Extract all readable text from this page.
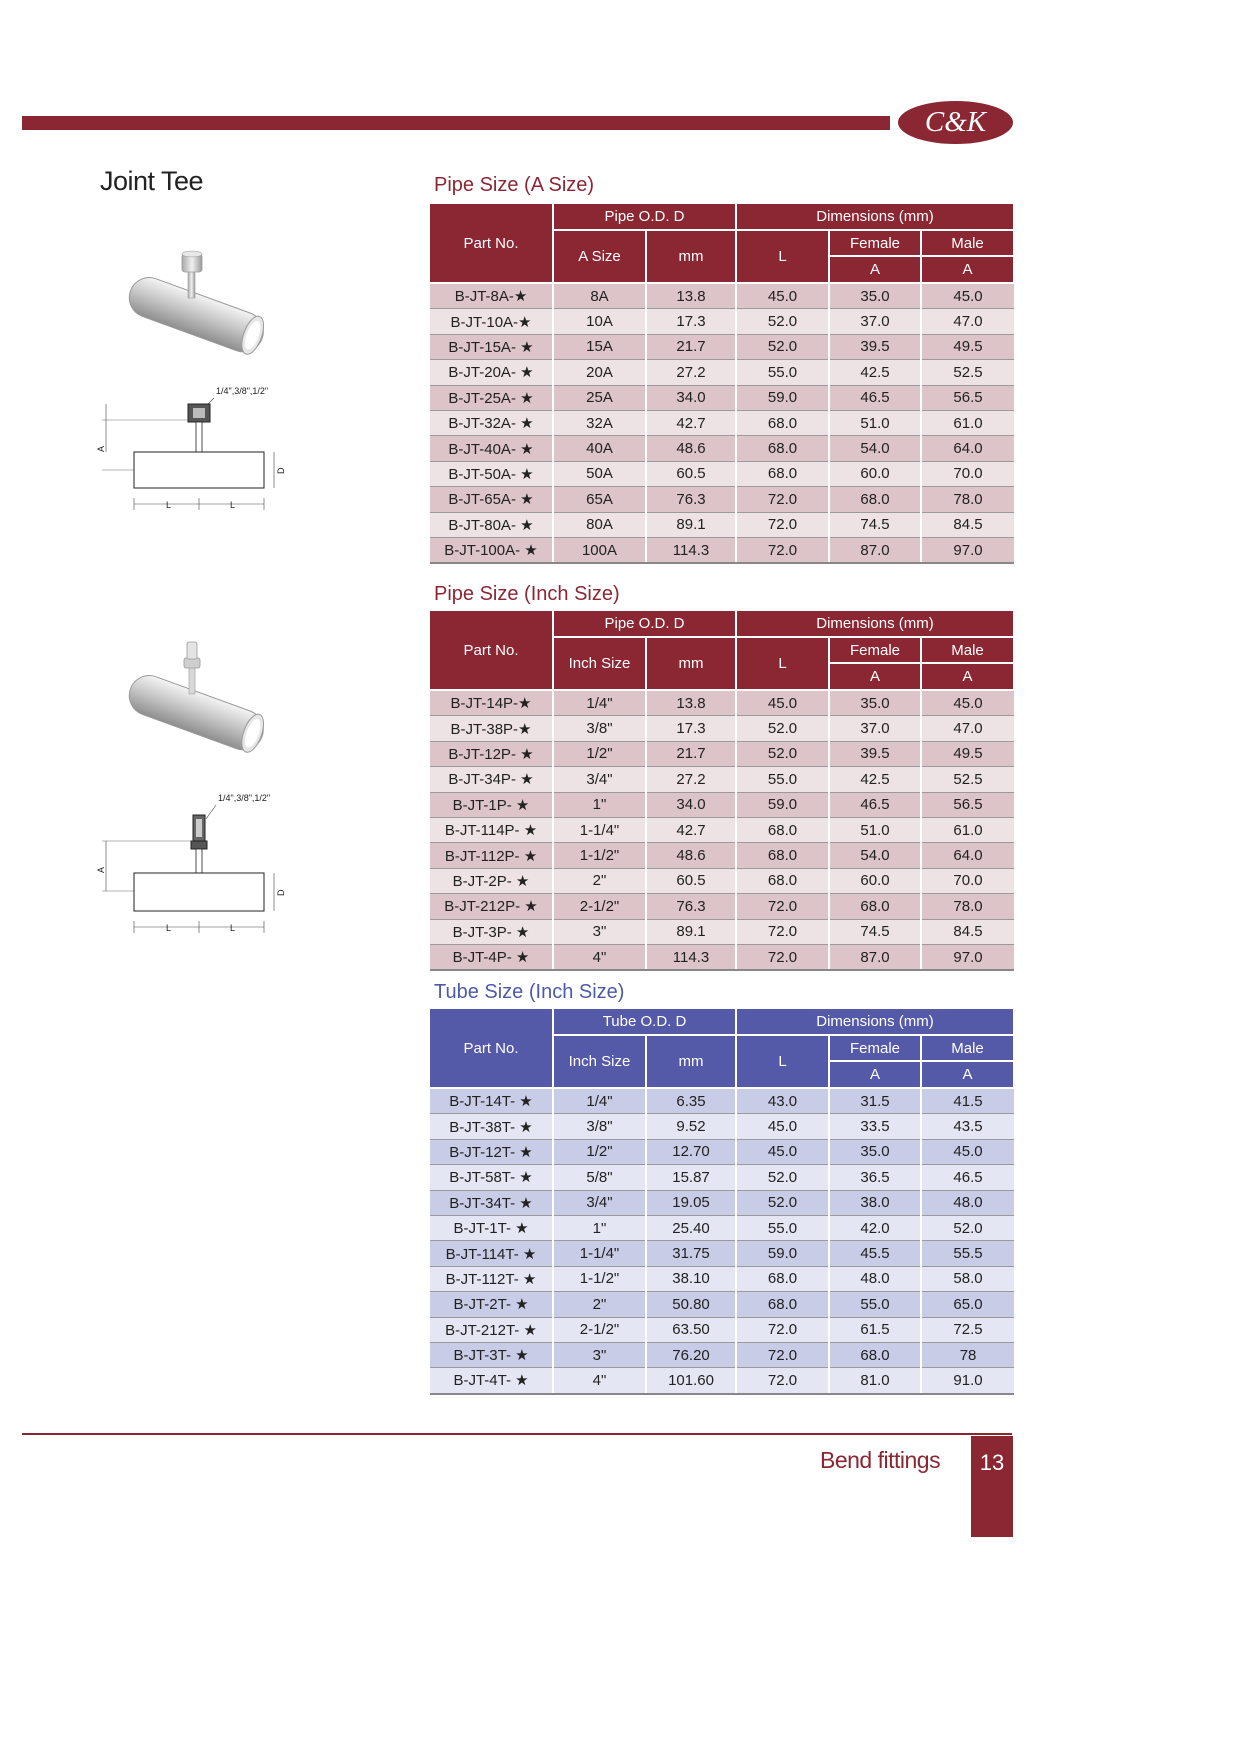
C&K
Joint Tee	Pipe Size (A Size)
Pipe Size (Inch Size)
Tube Size (Inch Size)
Part No.	Pipe O.D. D		Dimensions (mm)		
	A Size	mm	L	Female	Male
				A	A
B-JT-8A-★	8A	13.8	45.0	35.0	45.0
B-JT-10A-★	10A	17.3	52.0	37.0	47.0
B-JT-15A- ★	15A	21.7	52.0	39.5	49.5
B-JT-20A- ★	20A	27.2	55.0	42.5	52.5
B-JT-25A- ★	25A	34.0	59.0	46.5	56.5
B-JT-32A- ★	32A	42.7	68.0	51.0	61.0
B-JT-40A- ★	40A	48.6	68.0	54.0	64.0
B-JT-50A- ★	50A	60.5	68.0	60.0	70.0
B-JT-65A- ★	65A	76.3	72.0	68.0	78.0
B-JT-80A- ★	80A	89.1	72.0	74.5	84.5
B-JT-100A- ★	100A	114.3	72.0	87.0	97.0
Part No.	Pipe O.D. D		Dimensions (mm)		
	Inch Size	mm	L	Female	Male
				A	A
B-JT-14P-★	1/4"	13.8	45.0	35.0	45.0
B-JT-38P-★	3/8"	17.3	52.0	37.0	47.0
B-JT-12P- ★	1/2"	21.7	52.0	39.5	49.5
B-JT-34P- ★	3/4"	27.2	55.0	42.5	52.5
B-JT-1P- ★	1"	34.0	59.0	46.5	56.5
B-JT-114P- ★	1-1/4"	42.7	68.0	51.0	61.0
B-JT-112P- ★	1-1/2"	48.6	68.0	54.0	64.0
B-JT-2P- ★	2"	60.5	68.0	60.0	70.0
B-JT-212P- ★	2-1/2"	76.3	72.0	68.0	78.0
B-JT-3P- ★	3"	89.1	72.0	74.5	84.5
B-JT-4P- ★	4"	114.3	72.0	87.0	97.0
Part No.	Tube O.D. D		Dimensions (mm)		
	Inch Size	mm	L	Female	Male
				A	A
B-JT-14T- ★	1/4"	6.35	43.0	31.5	41.5
B-JT-38T- ★	3/8"	9.52	45.0	33.5	43.5
B-JT-12T- ★	1/2"	12.70	45.0	35.0	45.0
B-JT-58T- ★	5/8"	15.87	52.0	36.5	46.5
B-JT-34T- ★	3/4"	19.05	52.0	38.0	48.0
B-JT-1T- ★	1"	25.40	55.0	42.0	52.0
B-JT-114T- ★	1-1/4"	31.75	59.0	45.5	55.5
B-JT-112T- ★	1-1/2"	38.10	68.0	48.0	58.0
B-JT-2T- ★	2"	50.80	68.0	55.0	65.0
B-JT-212T- ★	2-1/2"	63.50	72.0	61.5	72.5
B-JT-3T- ★	3"	76.20	72.0	68.0	78
B-JT-4T- ★	4"	101.60	72.0	81.0	91.0
1/4",3/8",1/2"
A
D
L	L
1/4",3/8",1/2"
A
D
L	L
Bend fittings	13
